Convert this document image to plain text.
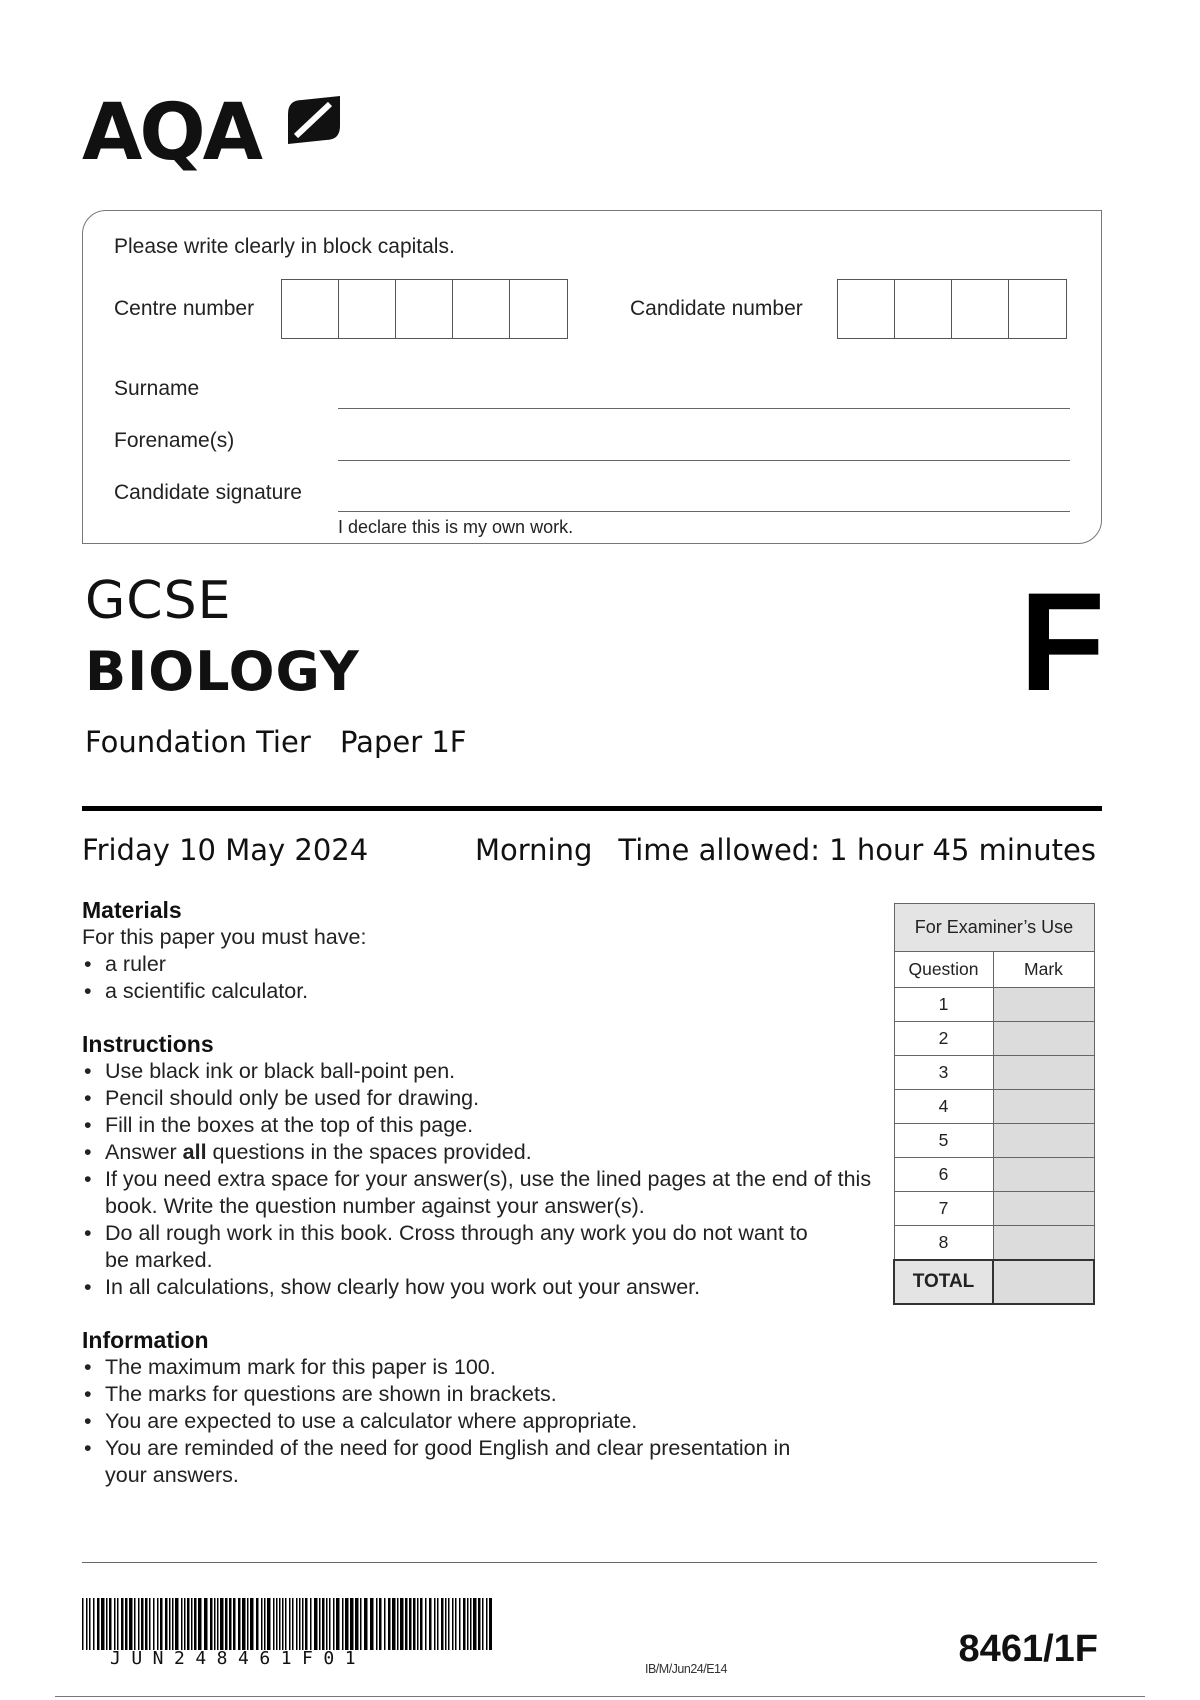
AQA
Please write clearly in block capitals.
Centre number	Candidate number
Surname
Forename(s)
Candidate signature
I declare this is my own work.
GCSE
BIOLOGY
Foundation Tier Paper 1F
F
Friday 10 May 2024	Morning Time allowed: 1 hour 45 minutes
Materials
For this paper you must have:
• a ruler
• a scientific calculator.
Instructions
• Use black ink or black ball-point pen.
• Pencil should only be used for drawing.
• Fill in the boxes at the top of this page.
• Answer all questions in the spaces provided.
• If you need extra space for your answer(s), use the lined pages at the end of this book. Write the question number against your answer(s).
• Do all rough work in this book. Cross through any work you do not want to be marked.
• In all calculations, show clearly how you work out your answer.
Information
• The maximum mark for this paper is 100.
• The marks for questions are shown in brackets.
• You are expected to use a calculator where appropriate.
• You are reminded of the need for good English and clear presentation in your answers.
For Examiner’s Use	
Question	Mark
1	
2	
3	
4	
5	
6	
7	
8	
TOTAL	
JUN248461F01	IB/M/Jun24/E14	8461/1F
